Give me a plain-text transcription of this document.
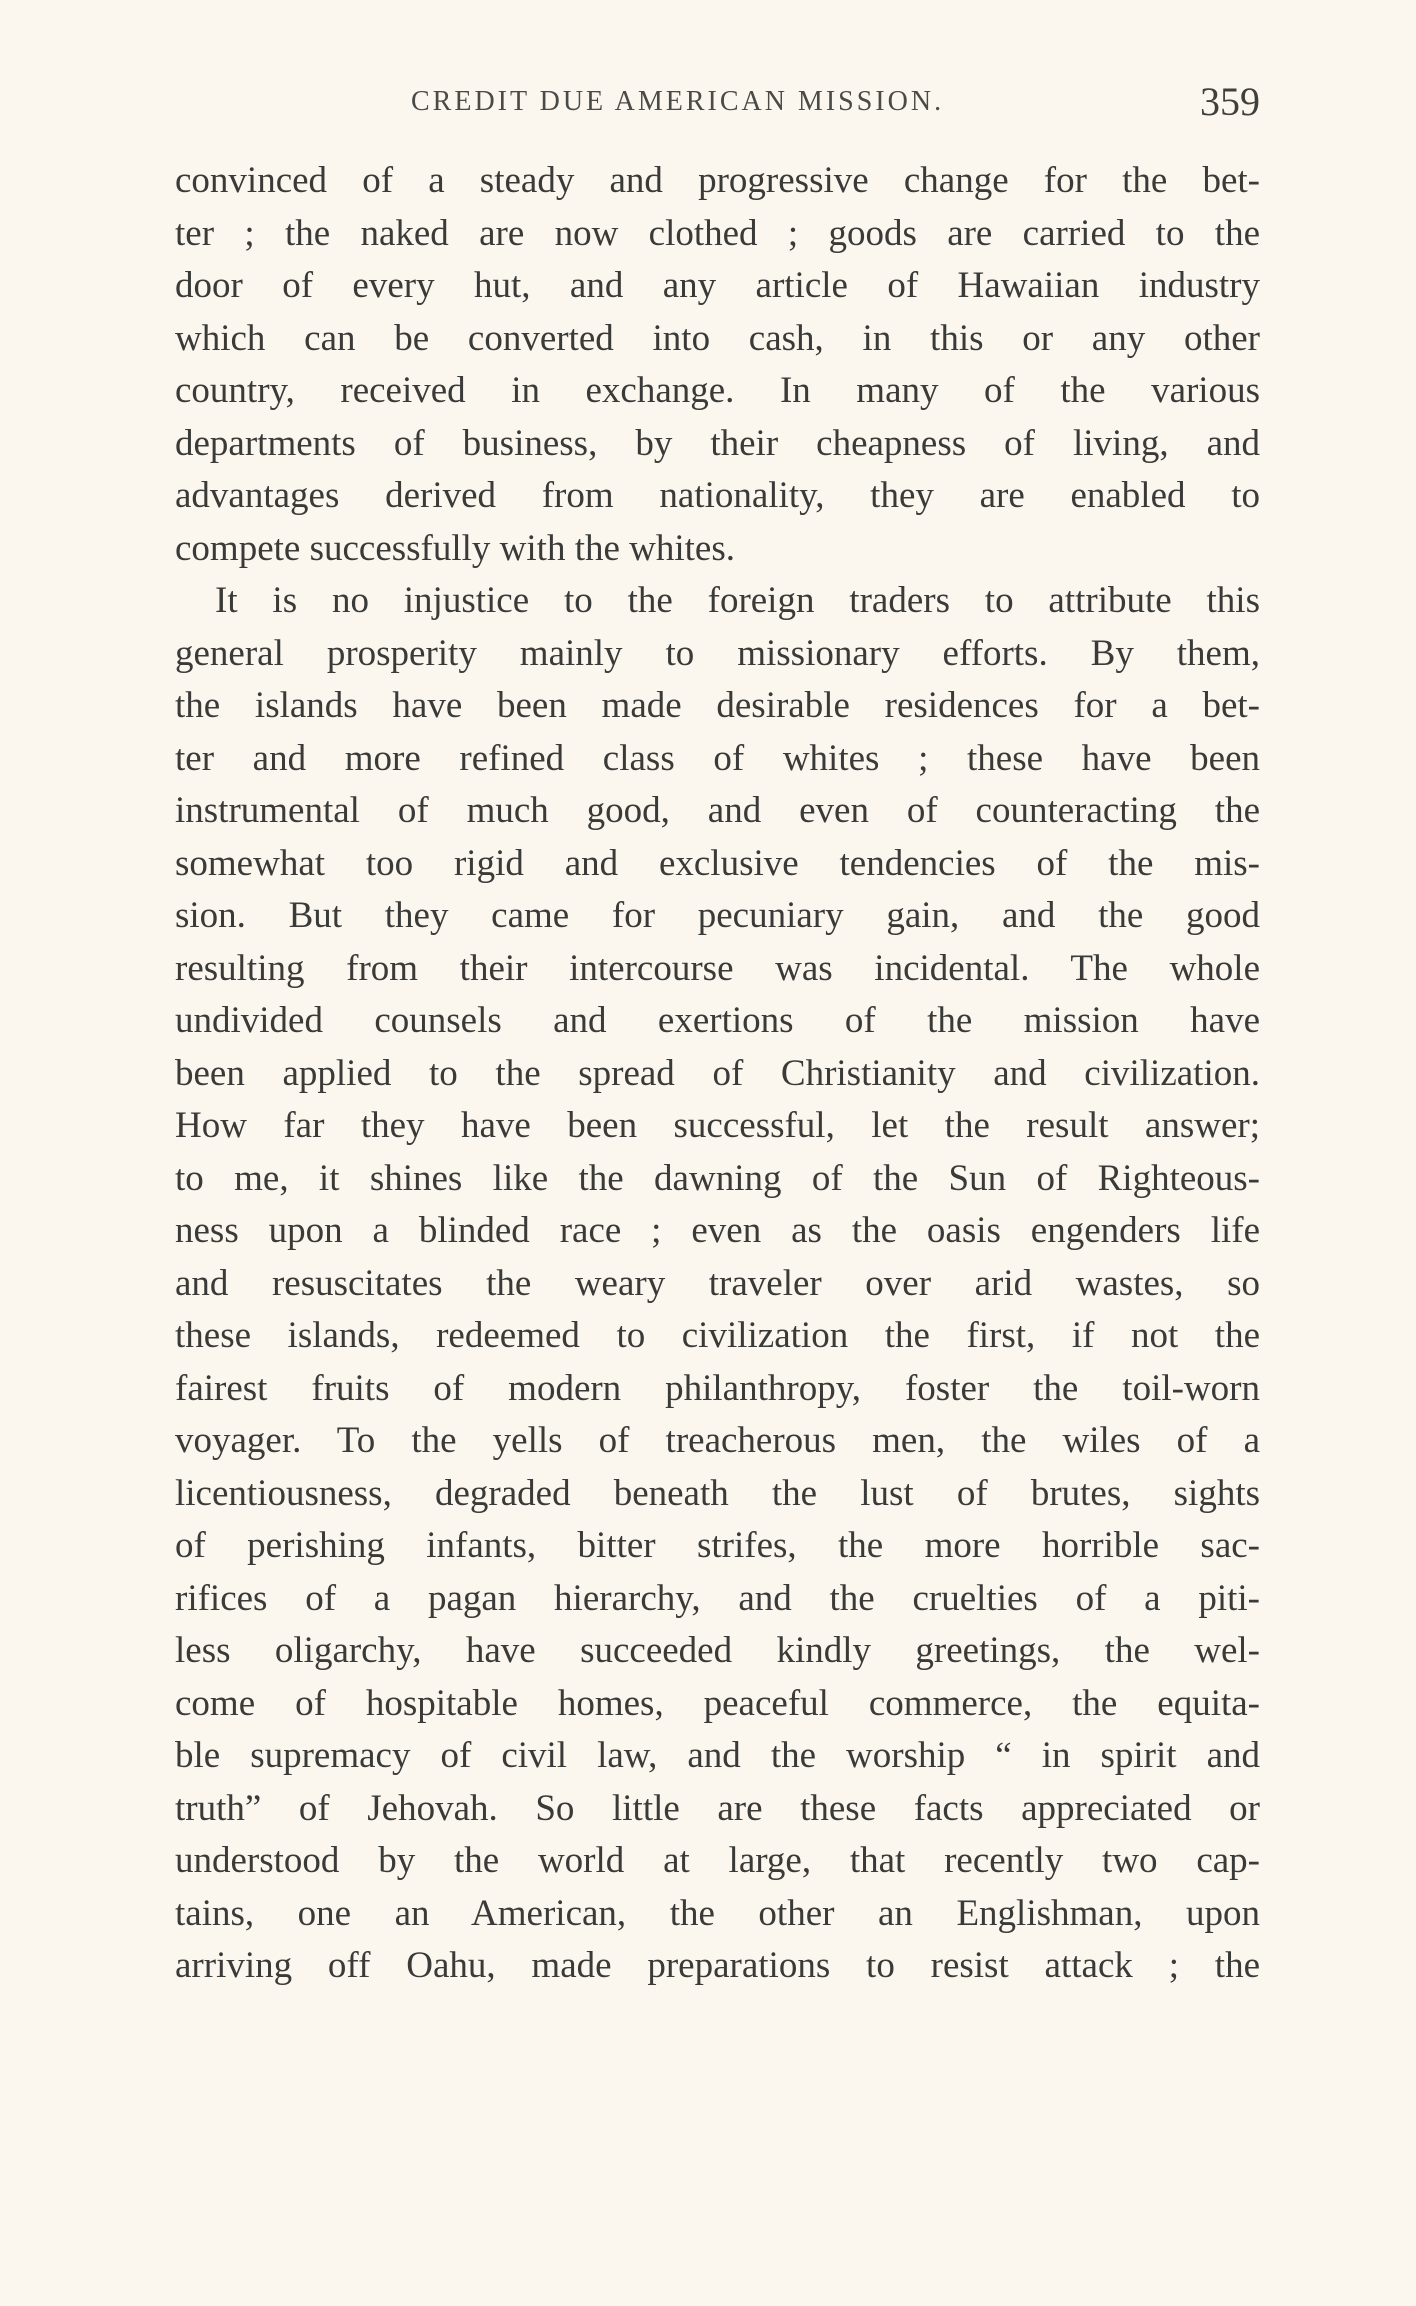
CREDIT DUE AMERICAN MISSION.	359
convinced of a steady and progressive change for the bet-
ter ; the naked are now clothed ; goods are carried to the
door of every hut, and any article of Hawaiian industry
which can be converted into cash, in this or any other
country, received in exchange. In many of the various
departments of business, by their cheapness of living, and
advantages derived from nationality, they are enabled to
compete successfully with the whites.
It is no injustice to the foreign traders to attribute this
general prosperity mainly to missionary efforts. By them,
the islands have been made desirable residences for a bet-
ter and more refined class of whites ; these have been
instrumental of much good, and even of counteracting the
somewhat too rigid and exclusive tendencies of the mis-
sion. But they came for pecuniary gain, and the good
resulting from their intercourse was incidental. The whole
undivided counsels and exertions of the mission have
been applied to the spread of Christianity and civilization.
How far they have been successful, let the result answer;
to me, it shines like the dawning of the Sun of Righteous-
ness upon a blinded race ; even as the oasis engenders life
and resuscitates the weary traveler over arid wastes, so
these islands, redeemed to civilization the first, if not the
fairest fruits of modern philanthropy, foster the toil-worn
voyager. To the yells of treacherous men, the wiles of a
licentiousness, degraded beneath the lust of brutes, sights
of perishing infants, bitter strifes, the more horrible sac-
rifices of a pagan hierarchy, and the cruelties of a piti-
less oligarchy, have succeeded kindly greetings, the wel-
come of hospitable homes, peaceful commerce, the equita-
ble supremacy of civil law, and the worship “ in spirit and
truth” of Jehovah. So little are these facts appreciated or
understood by the world at large, that recently two cap-
tains, one an American, the other an Englishman, upon
arriving off Oahu, made preparations to resist attack ; the
